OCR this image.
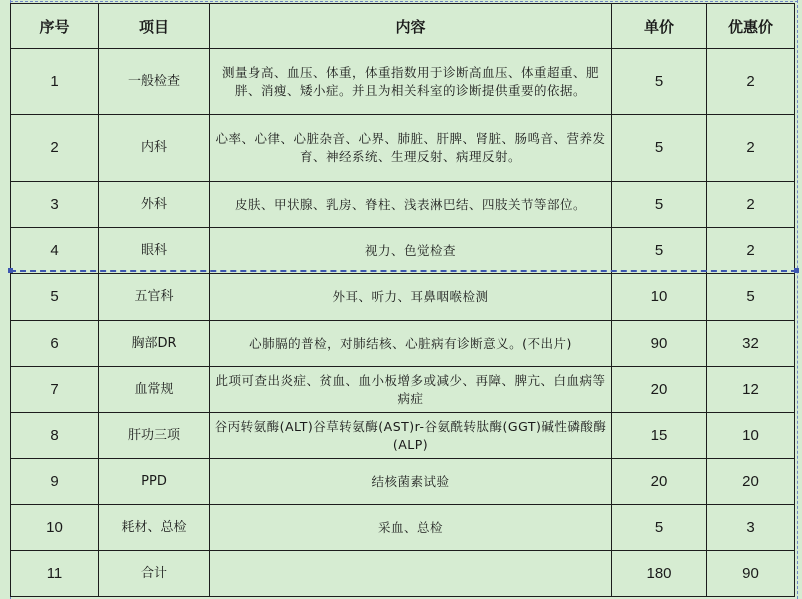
序号	项目	内容	单价	优惠价
1	一般检查	测量身高、血压、体重，体重指数用于诊断高血压、体重超重、肥胖、消瘦、矮小症。并且为相关科室的诊断提供重要的依据。	5	2
2	内科	心率、心律、心脏杂音、心界、肺脏、肝脾、肾脏、肠鸣音、营养发育、神经系统、生理反射、病理反射。	5	2
3	外科	皮肤、甲状腺、乳房、脊柱、浅表淋巴结、四肢关节等部位。	5	2
4	眼科	视力、色觉检查	5	2
5	五官科	外耳、听力、耳鼻咽喉检测	10	5
6	胸部DR	心肺膈的普检，对肺结核、心脏病有诊断意义。(不出片)	90	32
7	血常规	此项可查出炎症、贫血、血小板增多或减少、再障、脾亢、白血病等病症	20	12
8	肝功三项	谷丙转氨酶(ALT)谷草转氨酶(AST)r-谷氨酰转肽酶(GGT)碱性磷酸酶(ALP)	15	10
9	PPD	结核菌素试验	20	20
10	耗材、总检	采血、总检	5	3
11	合计		180	90
